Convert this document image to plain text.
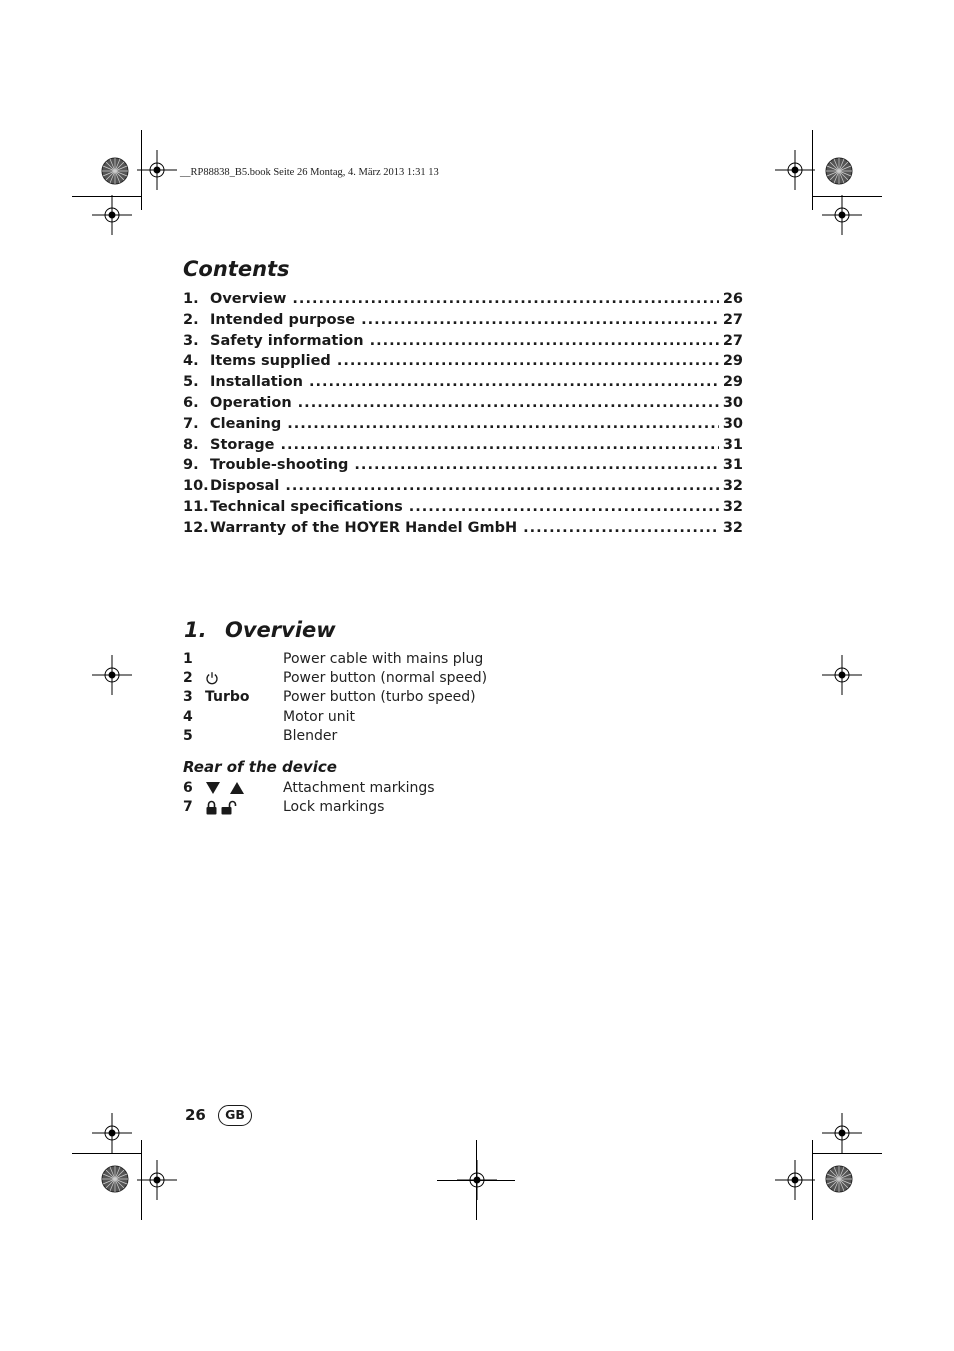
__RP88838_B5.book Seite 26 Montag, 4. März 2013 1:31 13
Contents
1. Overview .....	26
2. Intended purpose .....	27
3. Safety information .....	27
4. Items supplied .....	29
5. Installation .....	29
6. Operation .....	30
7. Cleaning .....	30
8. Storage .....	31
9. Trouble-shooting .....	31
10. Disposal .....	32
11. Technical specifications .....	32
12. Warranty of the HOYER Handel GmbH .....	32
1. Overview
1	Power cable with mains plug
2	Power button (normal speed)
3 Turbo	Power button (turbo speed)
4	Motor unit
5	Blender
Rear of the device
6	Attachment markings
7	Lock markings
26	GB
